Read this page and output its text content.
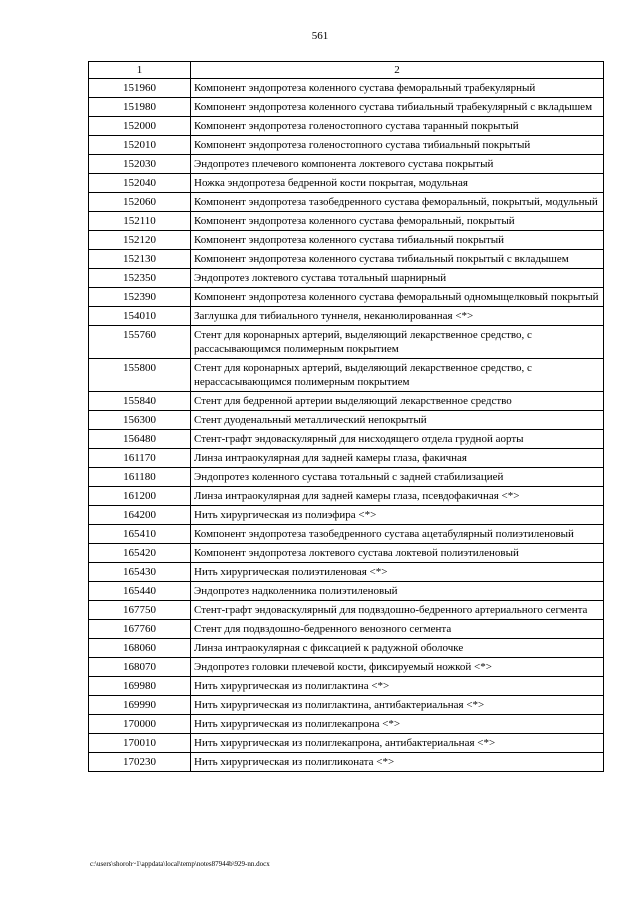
561
1	2
151960	Компонент эндопротеза коленного сустава феморальный трабекулярный
151980	Компонент эндопротеза коленного сустава тибиальный трабекулярный с вкладышем
152000	Компонент эндопротеза голеностопного сустава таранный покрытый
152010	Компонент эндопротеза голеностопного сустава тибиальный покрытый
152030	Эндопротез плечевого компонента локтевого сустава покрытый
152040	Ножка эндопротеза бедренной кости покрытая, модульная
152060	Компонент эндопротеза тазобедренного сустава феморальный, покрытый, модульный
152110	Компонент эндопротеза коленного сустава феморальный, покрытый
152120	Компонент эндопротеза коленного сустава тибиальный покрытый
152130	Компонент эндопротеза коленного сустава тибиальный покрытый с вкладышем
152350	Эндопротез локтевого сустава тотальный шарнирный
152390	Компонент эндопротеза коленного сустава феморальный одномыщелковый покрытый
154010	Заглушка для тибиального туннеля, неканюлированная <*>
155760	Стент для коронарных артерий, выделяющий лекарственное средство, с рассасывающимся полимерным покрытием
155800	Стент для коронарных артерий, выделяющий лекарственное средство, с нерассасывающимся полимерным покрытием
155840	Стент для бедренной артерии выделяющий лекарственное средство
156300	Стент дуоденальный металлический непокрытый
156480	Стент-графт эндоваскулярный для нисходящего отдела грудной аорты
161170	Линза интраокулярная для задней камеры глаза, факичная
161180	Эндопротез коленного сустава тотальный с задней стабилизацией
161200	Линза интраокулярная для задней камеры глаза, псевдофакичная <*>
164200	Нить хирургическая из полиэфира <*>
165410	Компонент эндопротеза тазобедренного сустава ацетабулярный полиэтиленовый
165420	Компонент эндопротеза локтевого сустава локтевой полиэтиленовый
165430	Нить хирургическая полиэтиленовая <*>
165440	Эндопротез надколенника полиэтиленовый
167750	Стент-графт эндоваскулярный для подвздошно-бедренного артериального сегмента
167760	Стент для подвздошно-бедренного венозного сегмента
168060	Линза интраокулярная с фиксацией к радужной оболочке
168070	Эндопротез головки плечевой кости, фиксируемый ножкой <*>
169980	Нить хирургическая из полиглактина <*>
169990	Нить хирургическая из полиглактина, антибактериальная <*>
170000	Нить хирургическая из полиглекапрона <*>
170010	Нить хирургическая из полиглекапрона, антибактериальная <*>
170230	Нить хирургическая из полигликоната <*>
c:\users\shoroh~1\appdata\local\temp\notes87944b\929-nn.docx
